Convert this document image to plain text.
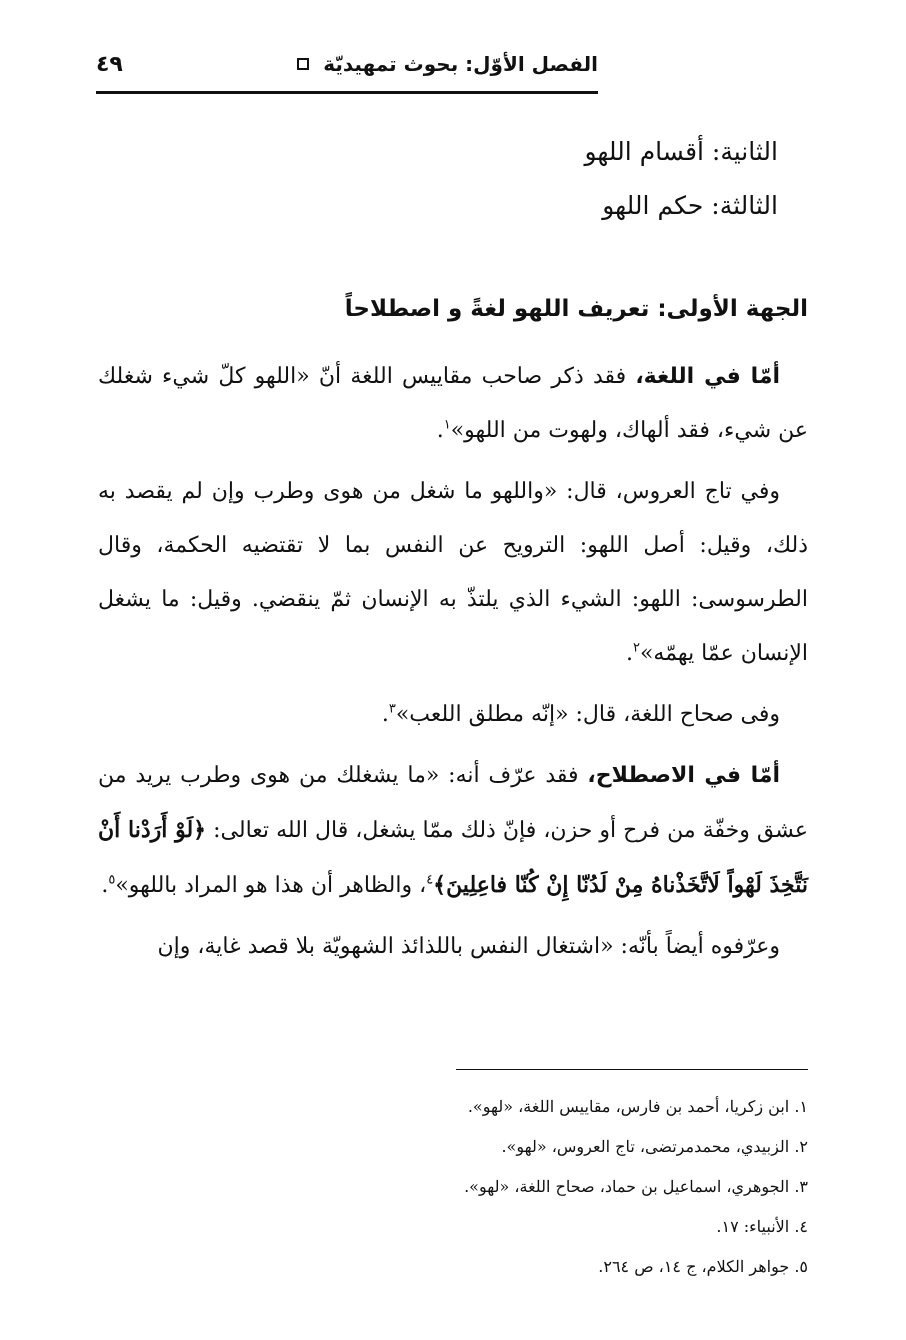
الفصل الأوّل: بحوث تمهيديّة
٤٩
الثانية: أقسام اللهو
الثالثة: حكم اللهو
الجهة الأولى: تعريف اللهو لغةً و اصطلاحاً

أمّا في اللغة، فقد ذكر صاحب مقاييس اللغة أنّ «اللهو كلّ شيء شغلك عن شيء، فقد ألهاك، ولهوت من اللهو»$^١$.

وفي تاج العروس، قال: «واللهو ما شغل من هوى وطرب وإن لم يقصد به ذلك، وقيل: أصل اللهو: الترويح عن النفس بما لا تقتضيه الحكمة، وقال الطرسوسى: اللهو: الشيء الذي يلتذّ به الإنسان ثمّ ينقضي. وقيل: ما يشغل الإنسان عمّا يهمّه»$^٢$.

وفى صحاح اللغة، قال: «إنّه مطلق اللعب»$^٣$.

أمّا في الاصطلاح، فقد عرّف أنه: «ما يشغلك من هوى وطرب يريد من عشق وخفّة من فرح أو حزن، فإنّ ذلك ممّا يشغل، قال الله تعالى: ﴿لَوْ أَرَدْنا أَنْ نَتَّخِذَ لَهْواً لَاتَّخَذْناهُ مِنْ لَدُنّا إِنْ كُنّا فاعِلِينَ﴾$^٤$، والظاهر أن هذا هو المراد باللهو»$^٥$.

وعرّفوه أيضاً بأنّه: «اشتغال النفس باللذائذ الشهويّة بلا قصد غاية، وإن

١. ابن زكريا، أحمد بن فارس، مقاييس اللغة، «لهو».
٢. الزبيدي، محمدمرتضى، تاج العروس، «لهو».
٣. الجوهري، اسماعيل بن حماد، صحاح اللغة، «لهو».
٤. الأنبياء: ١٧.
٥. جواهر الكلام، ج ١٤، ص ٢٦٤.
